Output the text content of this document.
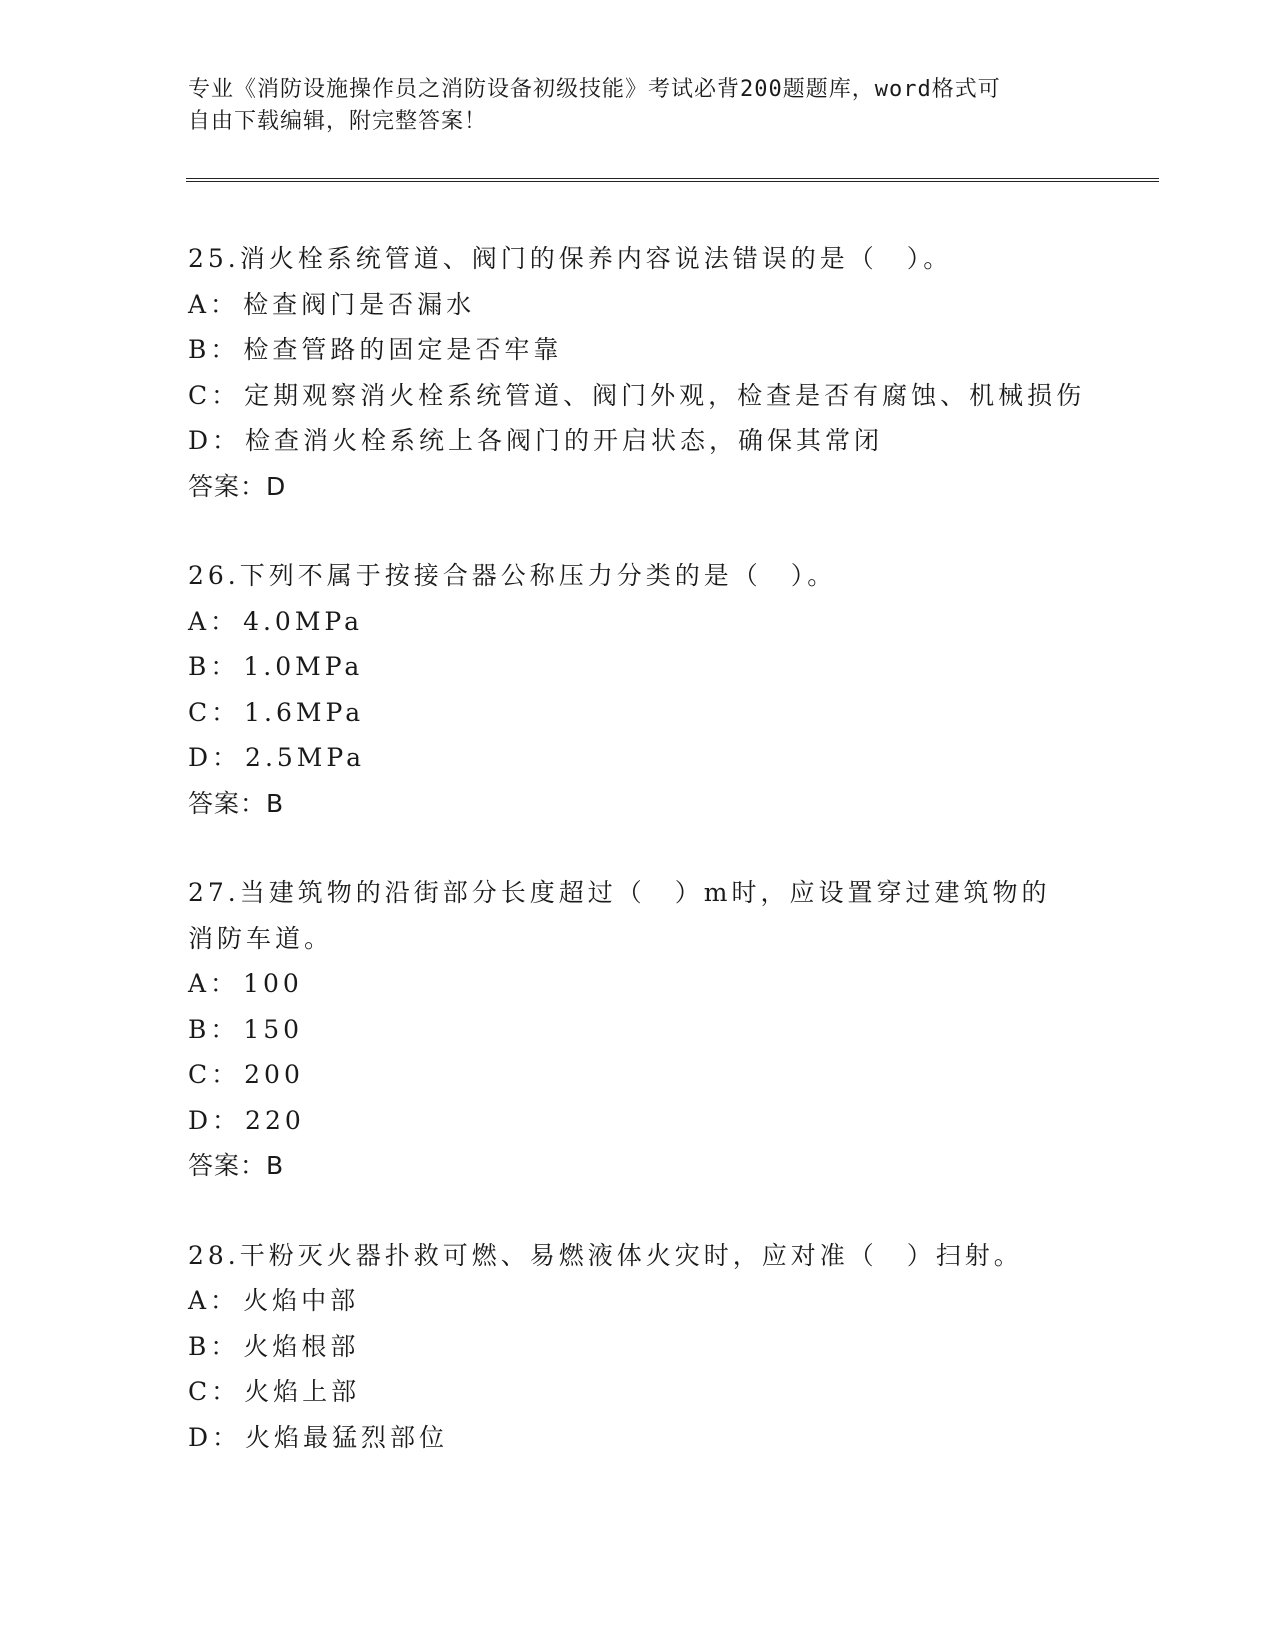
专业《消防设施操作员之消防设备初级技能》考试必背200题题库，word格式可
自由下载编辑，附完整答案！
25.消火栓系统管道、阀门的保养内容说法错误的是（　）。
A： 检查阀门是否漏水
B： 检查管路的固定是否牢靠
C： 定期观察消火栓系统管道、阀门外观，检查是否有腐蚀、机械损伤
D： 检查消火栓系统上各阀门的开启状态，确保其常闭
答案：D
26.下列不属于按接合器公称压力分类的是（　）。
A： 4.0MPa
B： 1.0MPa
C： 1.6MPa
D： 2.5MPa
答案：B
27.当建筑物的沿街部分长度超过（　）m时，应设置穿过建筑物的消防车道。
A： 100
B： 150
C： 200
D： 220
答案：B
28.干粉灭火器扑救可燃、易燃液体火灾时，应对准（　）扫射。
A： 火焰中部
B： 火焰根部
C： 火焰上部
D： 火焰最猛烈部位
